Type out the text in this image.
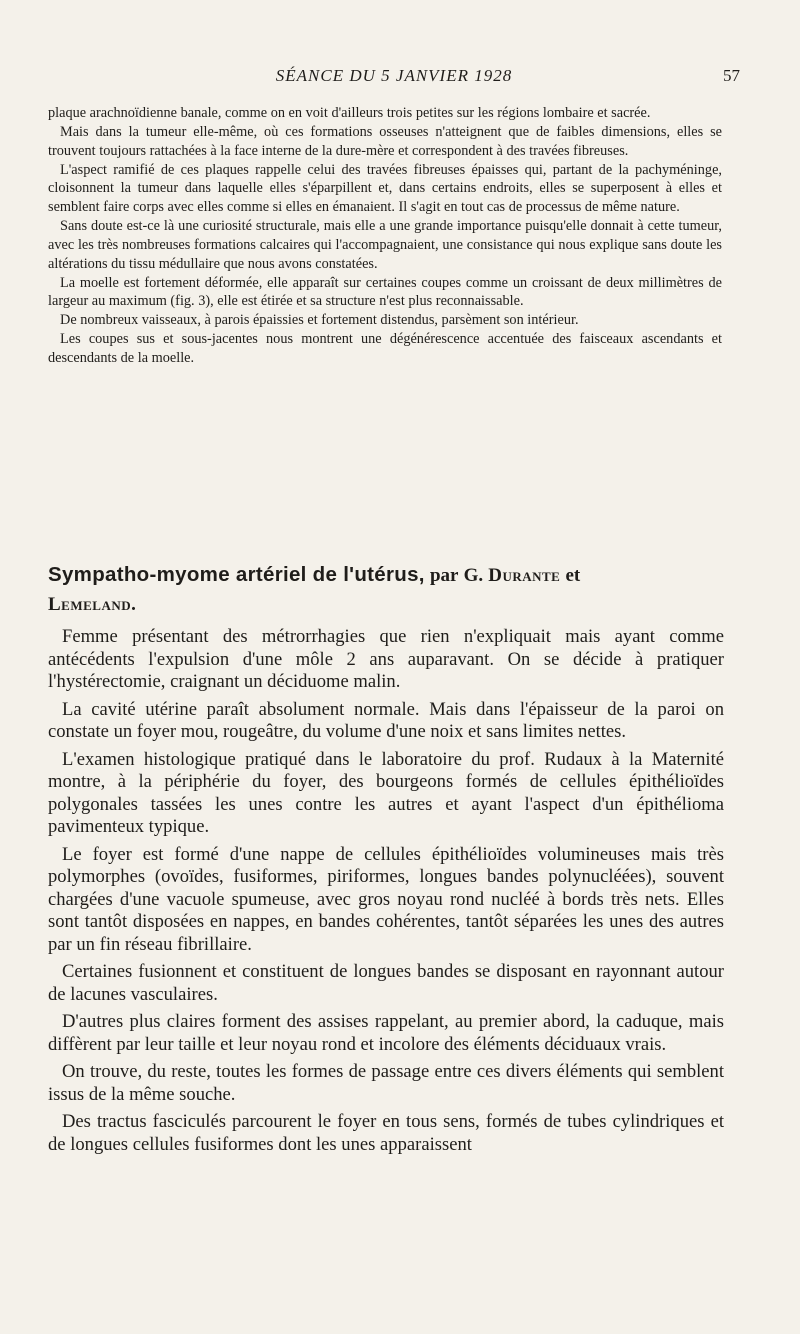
SÉANCE DU 5 JANVIER 1928	57

plaque arachnoïdienne banale, comme on en voit d'ailleurs trois petites sur les régions lombaire et sacrée.

Mais dans la tumeur elle-même, où ces formations osseuses n'atteignent que de faibles dimensions, elles se trouvent toujours rattachées à la face interne de la dure-mère et correspondent à des travées fibreuses.

L'aspect ramifié de ces plaques rappelle celui des travées fibreuses épaisses qui, partant de la pachyméninge, cloisonnent la tumeur dans laquelle elles s'éparpillent et, dans certains endroits, elles se superposent à elles et semblent faire corps avec elles comme si elles en émanaient. Il s'agit en tout cas de processus de même nature.

Sans doute est-ce là une curiosité structurale, mais elle a une grande importance puisqu'elle donnait à cette tumeur, avec les très nombreuses formations calcaires qui l'accompagnaient, une consistance qui nous explique sans doute les altérations du tissu médullaire que nous avons constatées.

La moelle est fortement déformée, elle apparaît sur certaines coupes comme un croissant de deux millimètres de largeur au maximum (fig. 3), elle est étirée et sa structure n'est plus reconnaissable.

De nombreux vaisseaux, à parois épaissies et fortement distendus, parsèment son intérieur.

Les coupes sus et sous-jacentes nous montrent une dégénérescence accentuée des faisceaux ascendants et descendants de la moelle.

Sympatho-myome artériel de l'utérus, par G. Durante et
Lemeland.

Femme présentant des métrorrhagies que rien n'expliquait mais ayant comme antécédents l'expulsion d'une môle 2 ans auparavant. On se décide à pratiquer l'hystérectomie, craignant un déciduome malin.

La cavité utérine paraît absolument normale. Mais dans l'épaisseur de la paroi on constate un foyer mou, rougeâtre, du volume d'une noix et sans limites nettes.

L'examen histologique pratiqué dans le laboratoire du prof. Rudaux à la Maternité montre, à la périphérie du foyer, des bourgeons formés de cellules épithélioïdes polygonales tassées les unes contre les autres et ayant l'aspect d'un épithélioma pavimenteux typique.

Le foyer est formé d'une nappe de cellules épithélioïdes volumineuses mais très polymorphes (ovoïdes, fusiformes, piriformes, longues bandes polynucléées), souvent chargées d'une vacuole spumeuse, avec gros noyau rond nucléé à bords très nets. Elles sont tantôt disposées en nappes, en bandes cohérentes, tantôt séparées les unes des autres par un fin réseau fibrillaire.

Certaines fusionnent et constituent de longues bandes se disposant en rayonnant autour de lacunes vasculaires.

D'autres plus claires forment des assises rappelant, au premier abord, la caduque, mais diffèrent par leur taille et leur noyau rond et incolore des éléments déciduaux vrais.

On trouve, du reste, toutes les formes de passage entre ces divers éléments qui semblent issus de la même souche.

Des tractus fasciculés parcourent le foyer en tous sens, formés de tubes cylindriques et de longues cellules fusiformes dont les unes apparaissent
